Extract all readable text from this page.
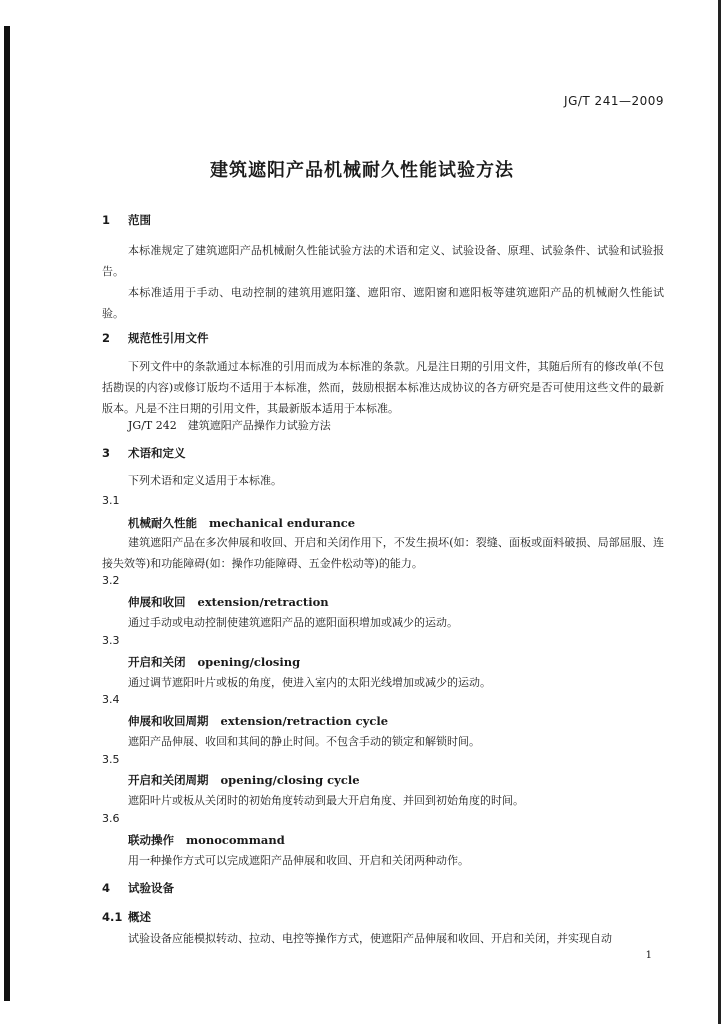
JG/T 241—2009
建筑遮阳产品机械耐久性能试验方法
1 范围
本标准规定了建筑遮阳产品机械耐久性能试验方法的术语和定义、试验设备、原理、试验条件、试验和试验报告。
本标准适用于手动、电动控制的建筑用遮阳篷、遮阳帘、遮阳窗和遮阳板等建筑遮阳产品的机械耐久性能试验。
2 规范性引用文件
下列文件中的条款通过本标准的引用而成为本标准的条款。凡是注日期的引用文件，其随后所有的修改单(不包括勘误的内容)或修订版均不适用于本标准，然而，鼓励根据本标准达成协议的各方研究是否可使用这些文件的最新版本。凡是不注日期的引用文件，其最新版本适用于本标准。
JG/T 242　建筑遮阳产品操作力试验方法
3 术语和定义
下列术语和定义适用于本标准。
3.1
机械耐久性能 mechanical endurance
建筑遮阳产品在多次伸展和收回、开启和关闭作用下，不发生损坏(如：裂缝、面板或面料破损、局部屈服、连接失效等)和功能障碍(如：操作功能障碍、五金件松动等)的能力。
3.2
伸展和收回 extension/retraction
通过手动或电动控制使建筑遮阳产品的遮阳面积增加或减少的运动。
3.3
开启和关闭 opening/closing
通过调节遮阳叶片或板的角度，使进入室内的太阳光线增加或减少的运动。
3.4
伸展和收回周期 extension/retraction cycle
遮阳产品伸展、收回和其间的静止时间。不包含手动的锁定和解锁时间。
3.5
开启和关闭周期 opening/closing cycle
遮阳叶片或板从关闭时的初始角度转动到最大开启角度、并回到初始角度的时间。
3.6
联动操作 monocommand
用一种操作方式可以完成遮阳产品伸展和收回、开启和关闭两种动作。
4 试验设备
4.1 概述
试验设备应能模拟转动、拉动、电控等操作方式，使遮阳产品伸展和收回、开启和关闭，并实现自动
1
